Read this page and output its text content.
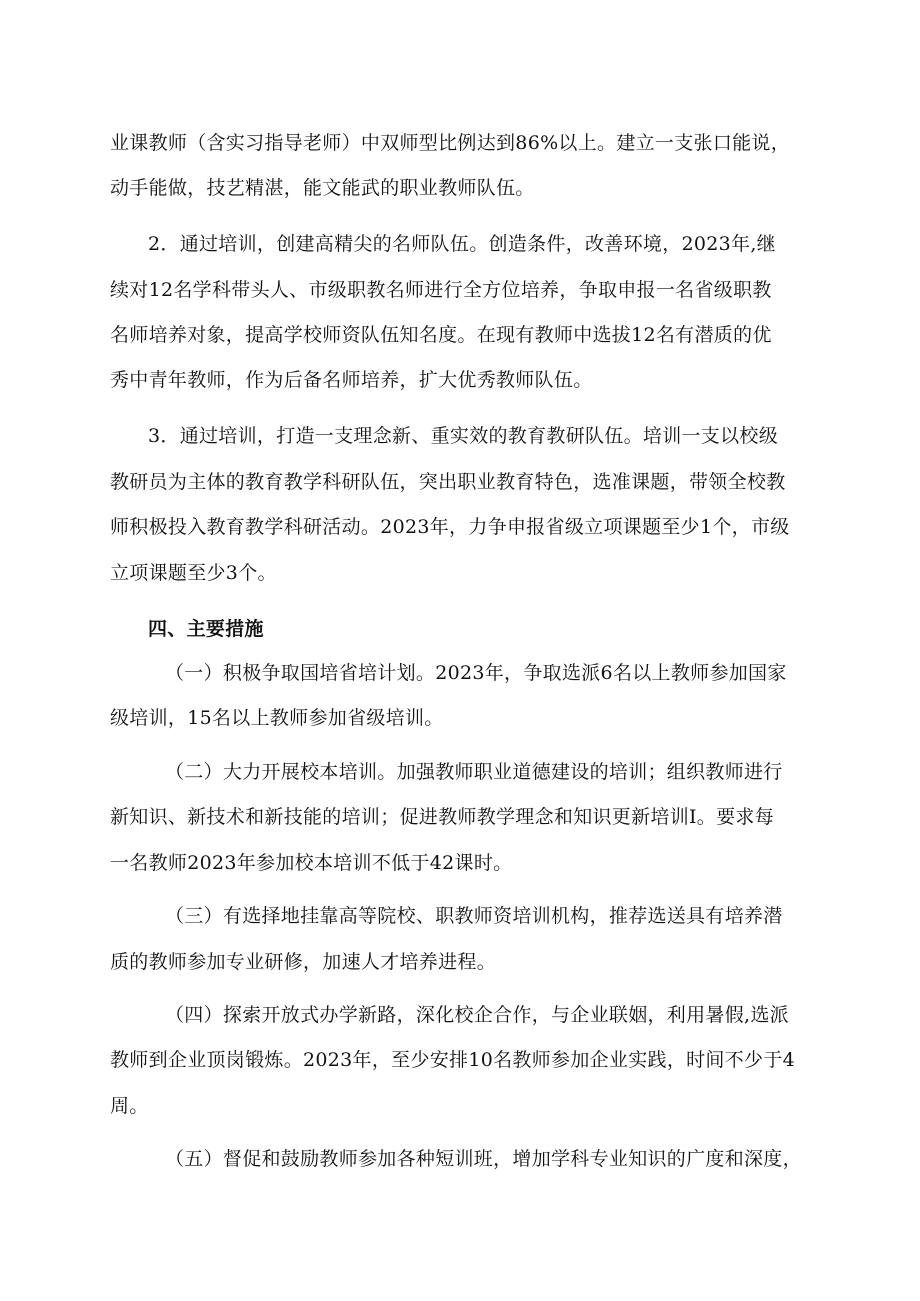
业课教师（含实习指导老师）中双师型比例达到86%以上。建立一支张口能说，
动手能做，技艺精湛，能文能武的职业教师队伍。
2．通过培训，创建高精尖的名师队伍。创造条件，改善环境，2023年,继
续对12名学科带头人、市级职教名师进行全方位培养，争取申报一名省级职教
名师培养对象，提高学校师资队伍知名度。在现有教师中选拔12名有潜质的优
秀中青年教师，作为后备名师培养，扩大优秀教师队伍。
3．通过培训，打造一支理念新、重实效的教育教研队伍。培训一支以校级
教研员为主体的教育教学科研队伍，突出职业教育特色，选准课题，带领全校教
师积极投入教育教学科研活动。2023年，力争申报省级立项课题至少1个，市级
立项课题至少3个。
四、主要措施
（一）积极争取国培省培计划。2023年，争取选派6名以上教师参加国家
级培训，15名以上教师参加省级培训。
（二）大力开展校本培训。加强教师职业道德建设的培训；组织教师进行
新知识、新技术和新技能的培训；促进教师教学理念和知识更新培训I。要求每
一名教师2023年参加校本培训不低于42课时。
（三）有选择地挂靠高等院校、职教师资培训机构，推荐选送具有培养潜
质的教师参加专业研修，加速人才培养进程。
（四）探索开放式办学新路，深化校企合作，与企业联姻，利用暑假,选派
教师到企业顶岗锻炼。2023年，至少安排10名教师参加企业实践，时间不少于4
周。
（五）督促和鼓励教师参加各种短训班，增加学科专业知识的广度和深度，
